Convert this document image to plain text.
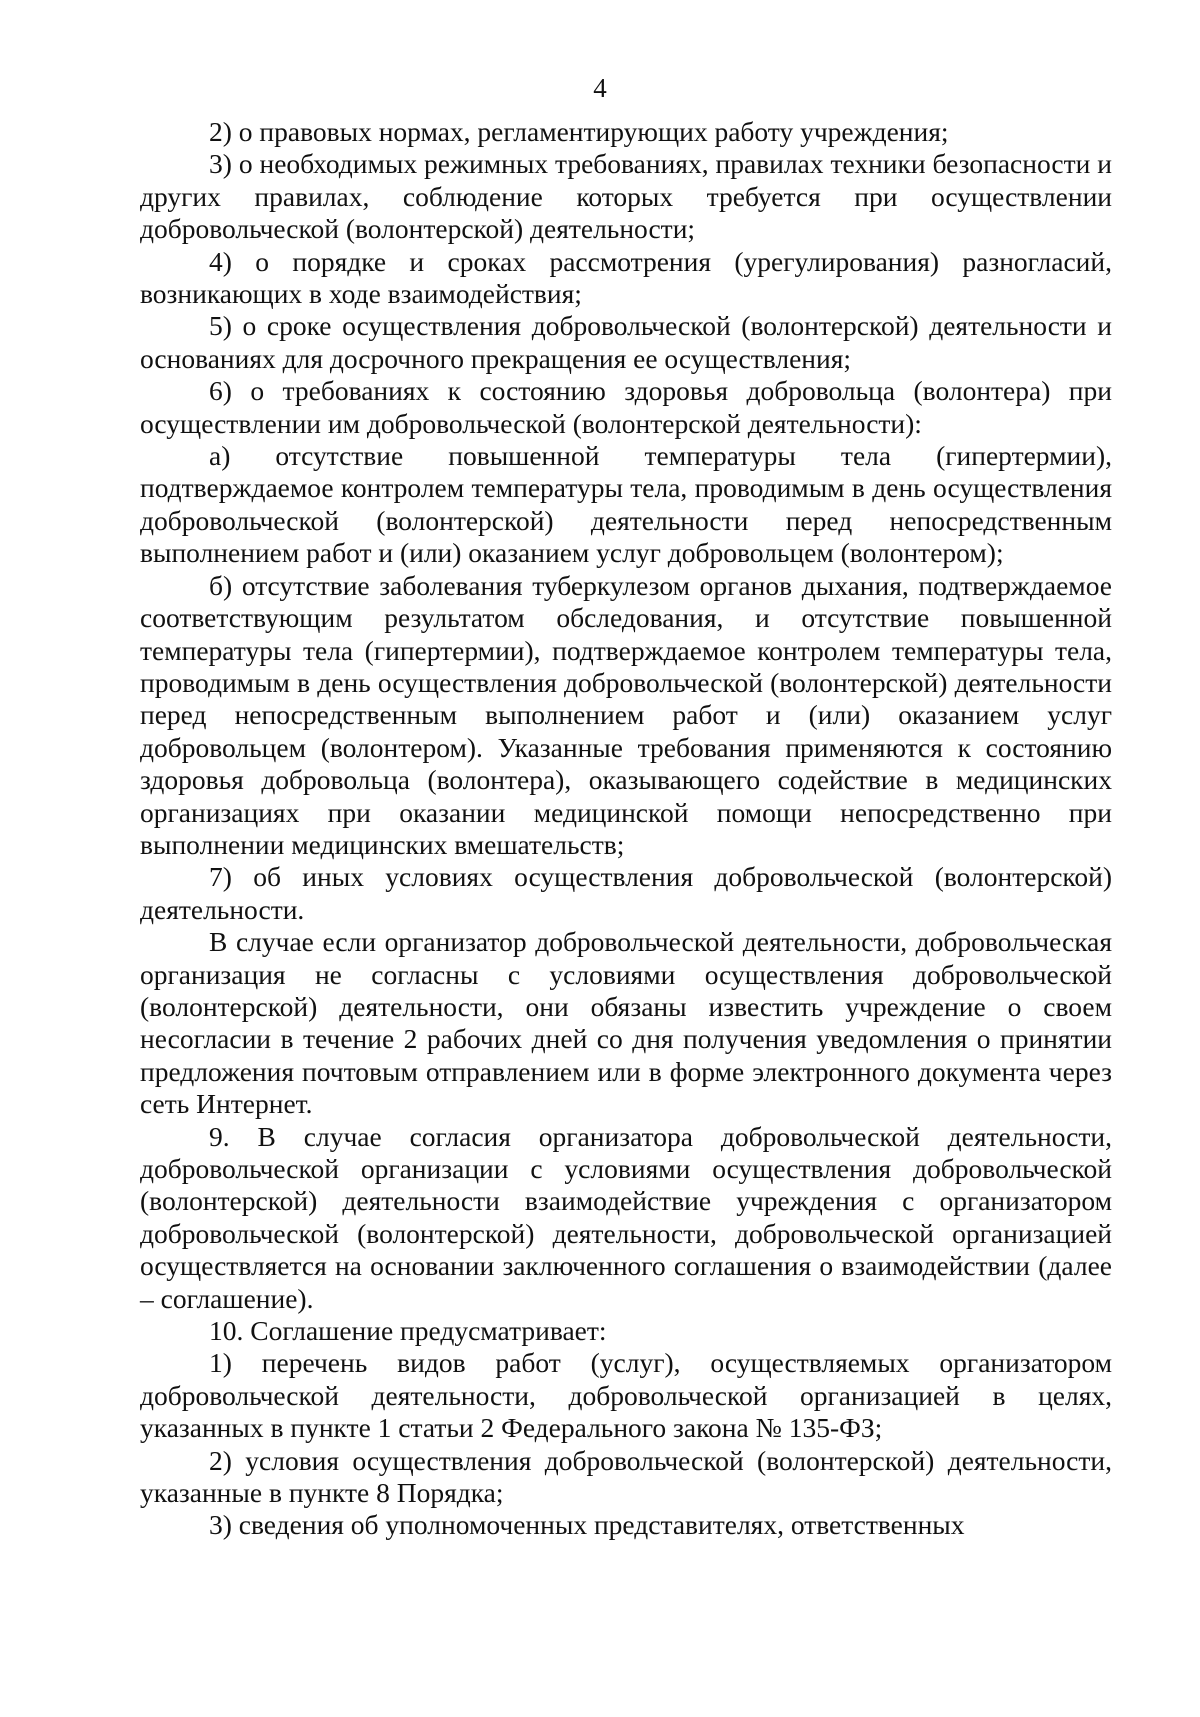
4

2) о правовых нормах, регламентирующих работу учреждения;

3) о необходимых режимных требованиях, правилах техники безопасности и других правилах, соблюдение которых требуется при осуществлении добровольческой (волонтерской) деятельности;

4) о порядке и сроках рассмотрения (урегулирования) разногласий, возникающих в ходе взаимодействия;

5) о сроке осуществления добровольческой (волонтерской) деятельности и основаниях для досрочного прекращения ее осуществления;

6) о требованиях к состоянию здоровья добровольца (волонтера) при осуществлении им добровольческой (волонтерской деятельности):

а) отсутствие повышенной температуры тела (гипертермии), подтверждаемое контролем температуры тела, проводимым в день осуществления добровольческой (волонтерской) деятельности перед непосредственным выполнением работ и (или) оказанием услуг добровольцем (волонтером);

б) отсутствие заболевания туберкулезом органов дыхания, подтверждаемое соответствующим результатом обследования, и отсутствие повышенной температуры тела (гипертермии), подтверждаемое контролем температуры тела, проводимым в день осуществления добровольческой (волонтерской) деятельности перед непосредственным выполнением работ и (или) оказанием услуг добровольцем (волонтером). Указанные требования применяются к состоянию здоровья добровольца (волонтера), оказывающего содействие в медицинских организациях при оказании медицинской помощи непосредственно при выполнении медицинских вмешательств;

7) об иных условиях осуществления добровольческой (волонтерской) деятельности.

В случае если организатор добровольческой деятельности, добровольческая организация не согласны с условиями осуществления добровольческой (волонтерской) деятельности, они обязаны известить учреждение о своем несогласии в течение 2 рабочих дней со дня получения уведомления о принятии предложения почтовым отправлением или в форме электронного документа через сеть Интернет.

9. В случае согласия организатора добровольческой деятельности, добровольческой организации с условиями осуществления добровольческой (волонтерской) деятельности взаимодействие учреждения с организатором добровольческой (волонтерской) деятельности, добровольческой организацией осуществляется на основании заключенного соглашения о взаимодействии (далее – соглашение).

10. Соглашение предусматривает:

1) перечень видов работ (услуг), осуществляемых организатором добровольческой деятельности, добровольческой организацией в целях, указанных в пункте 1 статьи 2 Федерального закона № 135-ФЗ;

2) условия осуществления добровольческой (волонтерской) деятельности, указанные в пункте 8 Порядка;

3) сведения об уполномоченных представителях, ответственных
